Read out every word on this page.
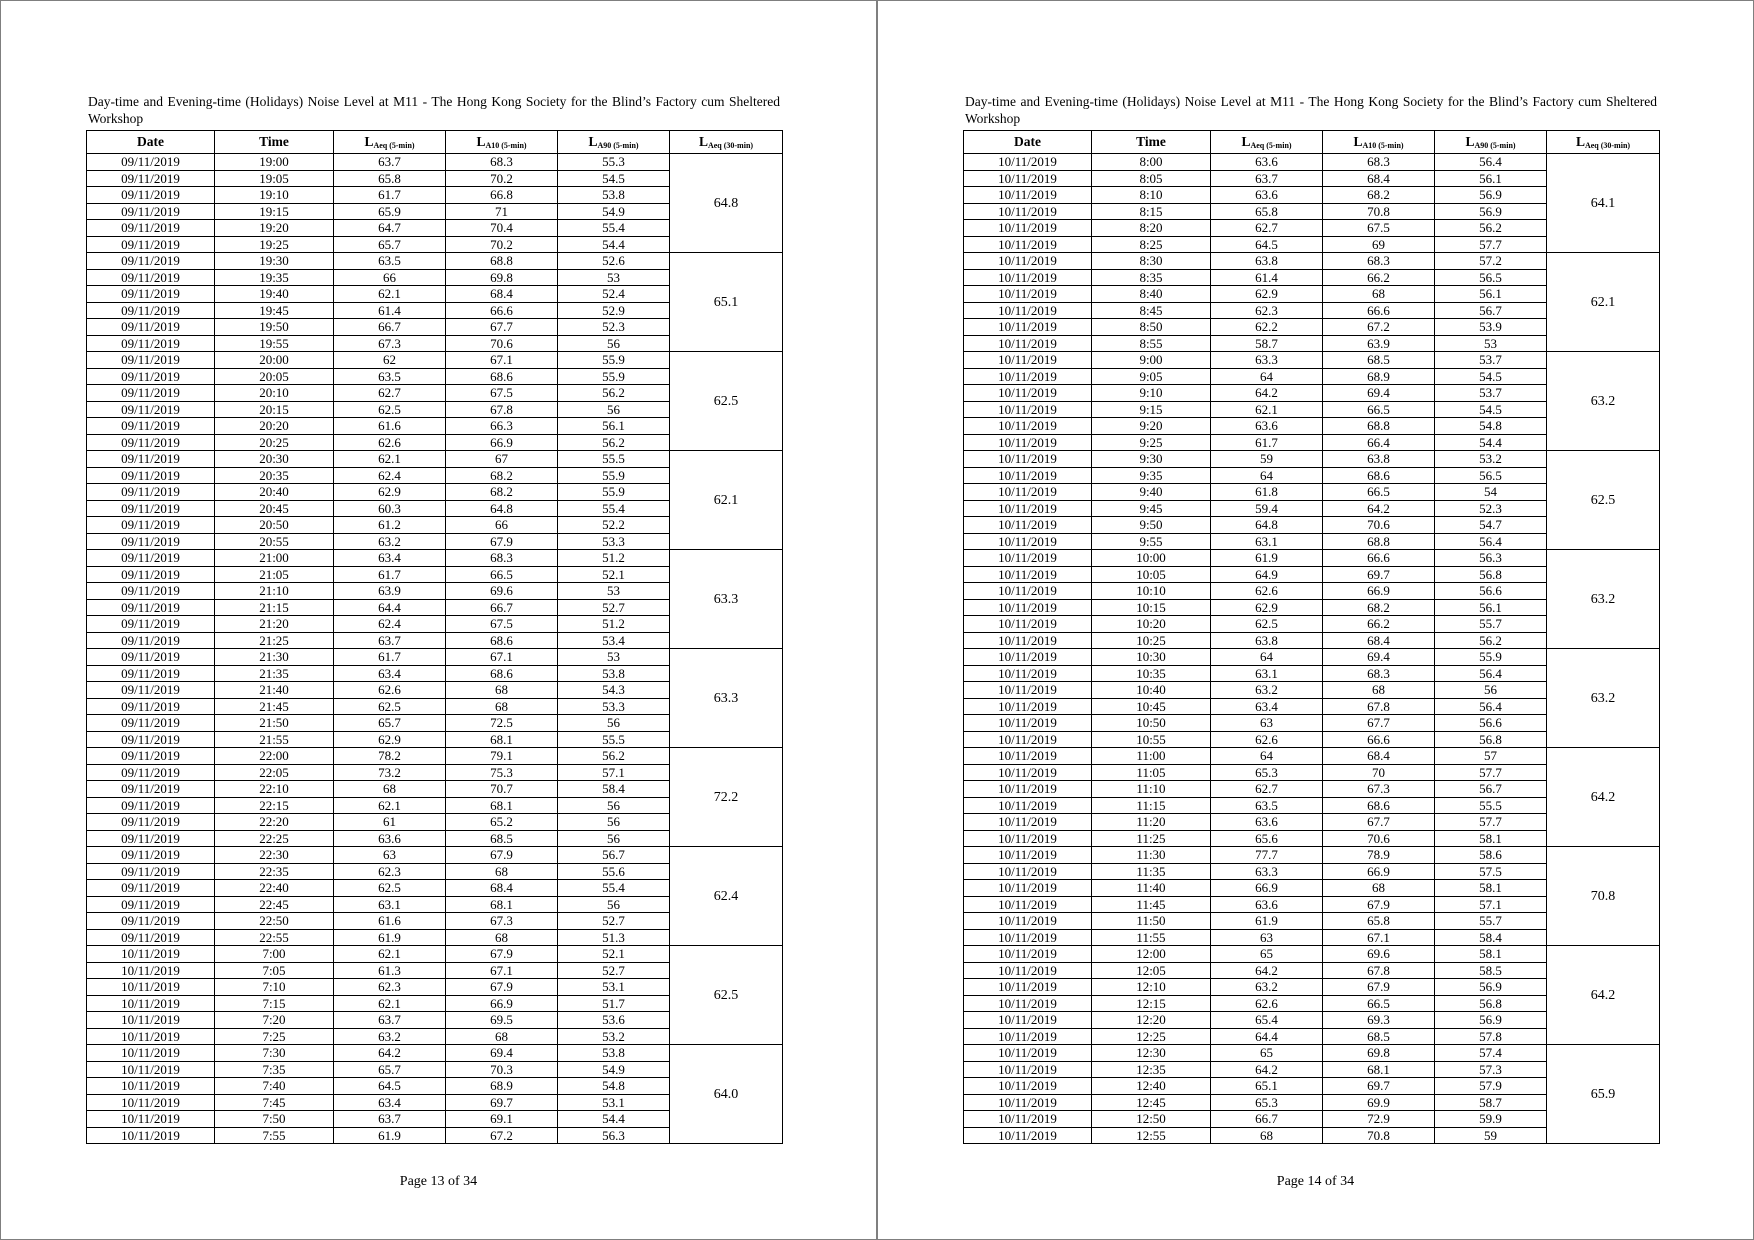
Day-time and Evening-time (Holidays) Noise Level at M11 - The Hong Kong Society for the Blind’s Factory cum Sheltered Workshop
Date	Time	$L_{Aeq (5-min)}$	$L_{A10 (5-min)}$	$L_{A90 (5-min)}$	$L_{Aeq (30-min)}$
09/11/2019	19:00	63.7	68.3	55.3	64.8
09/11/2019	19:05	65.8	70.2	54.5	
09/11/2019	19:10	61.7	66.8	53.8	
09/11/2019	19:15	65.9	71	54.9	
09/11/2019	19:20	64.7	70.4	55.4	
09/11/2019	19:25	65.7	70.2	54.4	
09/11/2019	19:30	63.5	68.8	52.6	65.1
09/11/2019	19:35	66	69.8	53	
09/11/2019	19:40	62.1	68.4	52.4	
09/11/2019	19:45	61.4	66.6	52.9	
09/11/2019	19:50	66.7	67.7	52.3	
09/11/2019	19:55	67.3	70.6	56	
09/11/2019	20:00	62	67.1	55.9	62.5
09/11/2019	20:05	63.5	68.6	55.9	
09/11/2019	20:10	62.7	67.5	56.2	
09/11/2019	20:15	62.5	67.8	56	
09/11/2019	20:20	61.6	66.3	56.1	
09/11/2019	20:25	62.6	66.9	56.2	
09/11/2019	20:30	62.1	67	55.5	62.1
09/11/2019	20:35	62.4	68.2	55.9	
09/11/2019	20:40	62.9	68.2	55.9	
09/11/2019	20:45	60.3	64.8	55.4	
09/11/2019	20:50	61.2	66	52.2	
09/11/2019	20:55	63.2	67.9	53.3	
09/11/2019	21:00	63.4	68.3	51.2	63.3
09/11/2019	21:05	61.7	66.5	52.1	
09/11/2019	21:10	63.9	69.6	53	
09/11/2019	21:15	64.4	66.7	52.7	
09/11/2019	21:20	62.4	67.5	51.2	
09/11/2019	21:25	63.7	68.6	53.4	
09/11/2019	21:30	61.7	67.1	53	63.3
09/11/2019	21:35	63.4	68.6	53.8	
09/11/2019	21:40	62.6	68	54.3	
09/11/2019	21:45	62.5	68	53.3	
09/11/2019	21:50	65.7	72.5	56	
09/11/2019	21:55	62.9	68.1	55.5	
09/11/2019	22:00	78.2	79.1	56.2	72.2
09/11/2019	22:05	73.2	75.3	57.1	
09/11/2019	22:10	68	70.7	58.4	
09/11/2019	22:15	62.1	68.1	56	
09/11/2019	22:20	61	65.2	56	
09/11/2019	22:25	63.6	68.5	56	
09/11/2019	22:30	63	67.9	56.7	62.4
09/11/2019	22:35	62.3	68	55.6	
09/11/2019	22:40	62.5	68.4	55.4	
09/11/2019	22:45	63.1	68.1	56	
09/11/2019	22:50	61.6	67.3	52.7	
09/11/2019	22:55	61.9	68	51.3	
10/11/2019	7:00	62.1	67.9	52.1	62.5
10/11/2019	7:05	61.3	67.1	52.7	
10/11/2019	7:10	62.3	67.9	53.1	
10/11/2019	7:15	62.1	66.9	51.7	
10/11/2019	7:20	63.7	69.5	53.6	
10/11/2019	7:25	63.2	68	53.2	
10/11/2019	7:30	64.2	69.4	53.8	64.0
10/11/2019	7:35	65.7	70.3	54.9	
10/11/2019	7:40	64.5	68.9	54.8	
10/11/2019	7:45	63.4	69.7	53.1	
10/11/2019	7:50	63.7	69.1	54.4	
10/11/2019	7:55	61.9	67.2	56.3	
Page 13 of 34
Day-time and Evening-time (Holidays) Noise Level at M11 - The Hong Kong Society for the Blind’s Factory cum Sheltered Workshop
Date	Time	$L_{Aeq (5-min)}$	$L_{A10 (5-min)}$	$L_{A90 (5-min)}$	$L_{Aeq (30-min)}$
10/11/2019	8:00	63.6	68.3	56.4	64.1
10/11/2019	8:05	63.7	68.4	56.1	
10/11/2019	8:10	63.6	68.2	56.9	
10/11/2019	8:15	65.8	70.8	56.9	
10/11/2019	8:20	62.7	67.5	56.2	
10/11/2019	8:25	64.5	69	57.7	
10/11/2019	8:30	63.8	68.3	57.2	62.1
10/11/2019	8:35	61.4	66.2	56.5	
10/11/2019	8:40	62.9	68	56.1	
10/11/2019	8:45	62.3	66.6	56.7	
10/11/2019	8:50	62.2	67.2	53.9	
10/11/2019	8:55	58.7	63.9	53	
10/11/2019	9:00	63.3	68.5	53.7	63.2
10/11/2019	9:05	64	68.9	54.5	
10/11/2019	9:10	64.2	69.4	53.7	
10/11/2019	9:15	62.1	66.5	54.5	
10/11/2019	9:20	63.6	68.8	54.8	
10/11/2019	9:25	61.7	66.4	54.4	
10/11/2019	9:30	59	63.8	53.2	62.5
10/11/2019	9:35	64	68.6	56.5	
10/11/2019	9:40	61.8	66.5	54	
10/11/2019	9:45	59.4	64.2	52.3	
10/11/2019	9:50	64.8	70.6	54.7	
10/11/2019	9:55	63.1	68.8	56.4	
10/11/2019	10:00	61.9	66.6	56.3	63.2
10/11/2019	10:05	64.9	69.7	56.8	
10/11/2019	10:10	62.6	66.9	56.6	
10/11/2019	10:15	62.9	68.2	56.1	
10/11/2019	10:20	62.5	66.2	55.7	
10/11/2019	10:25	63.8	68.4	56.2	
10/11/2019	10:30	64	69.4	55.9	63.2
10/11/2019	10:35	63.1	68.3	56.4	
10/11/2019	10:40	63.2	68	56	
10/11/2019	10:45	63.4	67.8	56.4	
10/11/2019	10:50	63	67.7	56.6	
10/11/2019	10:55	62.6	66.6	56.8	
10/11/2019	11:00	64	68.4	57	64.2
10/11/2019	11:05	65.3	70	57.7	
10/11/2019	11:10	62.7	67.3	56.7	
10/11/2019	11:15	63.5	68.6	55.5	
10/11/2019	11:20	63.6	67.7	57.7	
10/11/2019	11:25	65.6	70.6	58.1	
10/11/2019	11:30	77.7	78.9	58.6	70.8
10/11/2019	11:35	63.3	66.9	57.5	
10/11/2019	11:40	66.9	68	58.1	
10/11/2019	11:45	63.6	67.9	57.1	
10/11/2019	11:50	61.9	65.8	55.7	
10/11/2019	11:55	63	67.1	58.4	
10/11/2019	12:00	65	69.6	58.1	64.2
10/11/2019	12:05	64.2	67.8	58.5	
10/11/2019	12:10	63.2	67.9	56.9	
10/11/2019	12:15	62.6	66.5	56.8	
10/11/2019	12:20	65.4	69.3	56.9	
10/11/2019	12:25	64.4	68.5	57.8	
10/11/2019	12:30	65	69.8	57.4	65.9
10/11/2019	12:35	64.2	68.1	57.3	
10/11/2019	12:40	65.1	69.7	57.9	
10/11/2019	12:45	65.3	69.9	58.7	
10/11/2019	12:50	66.7	72.9	59.9	
10/11/2019	12:55	68	70.8	59	
Page 14 of 34
